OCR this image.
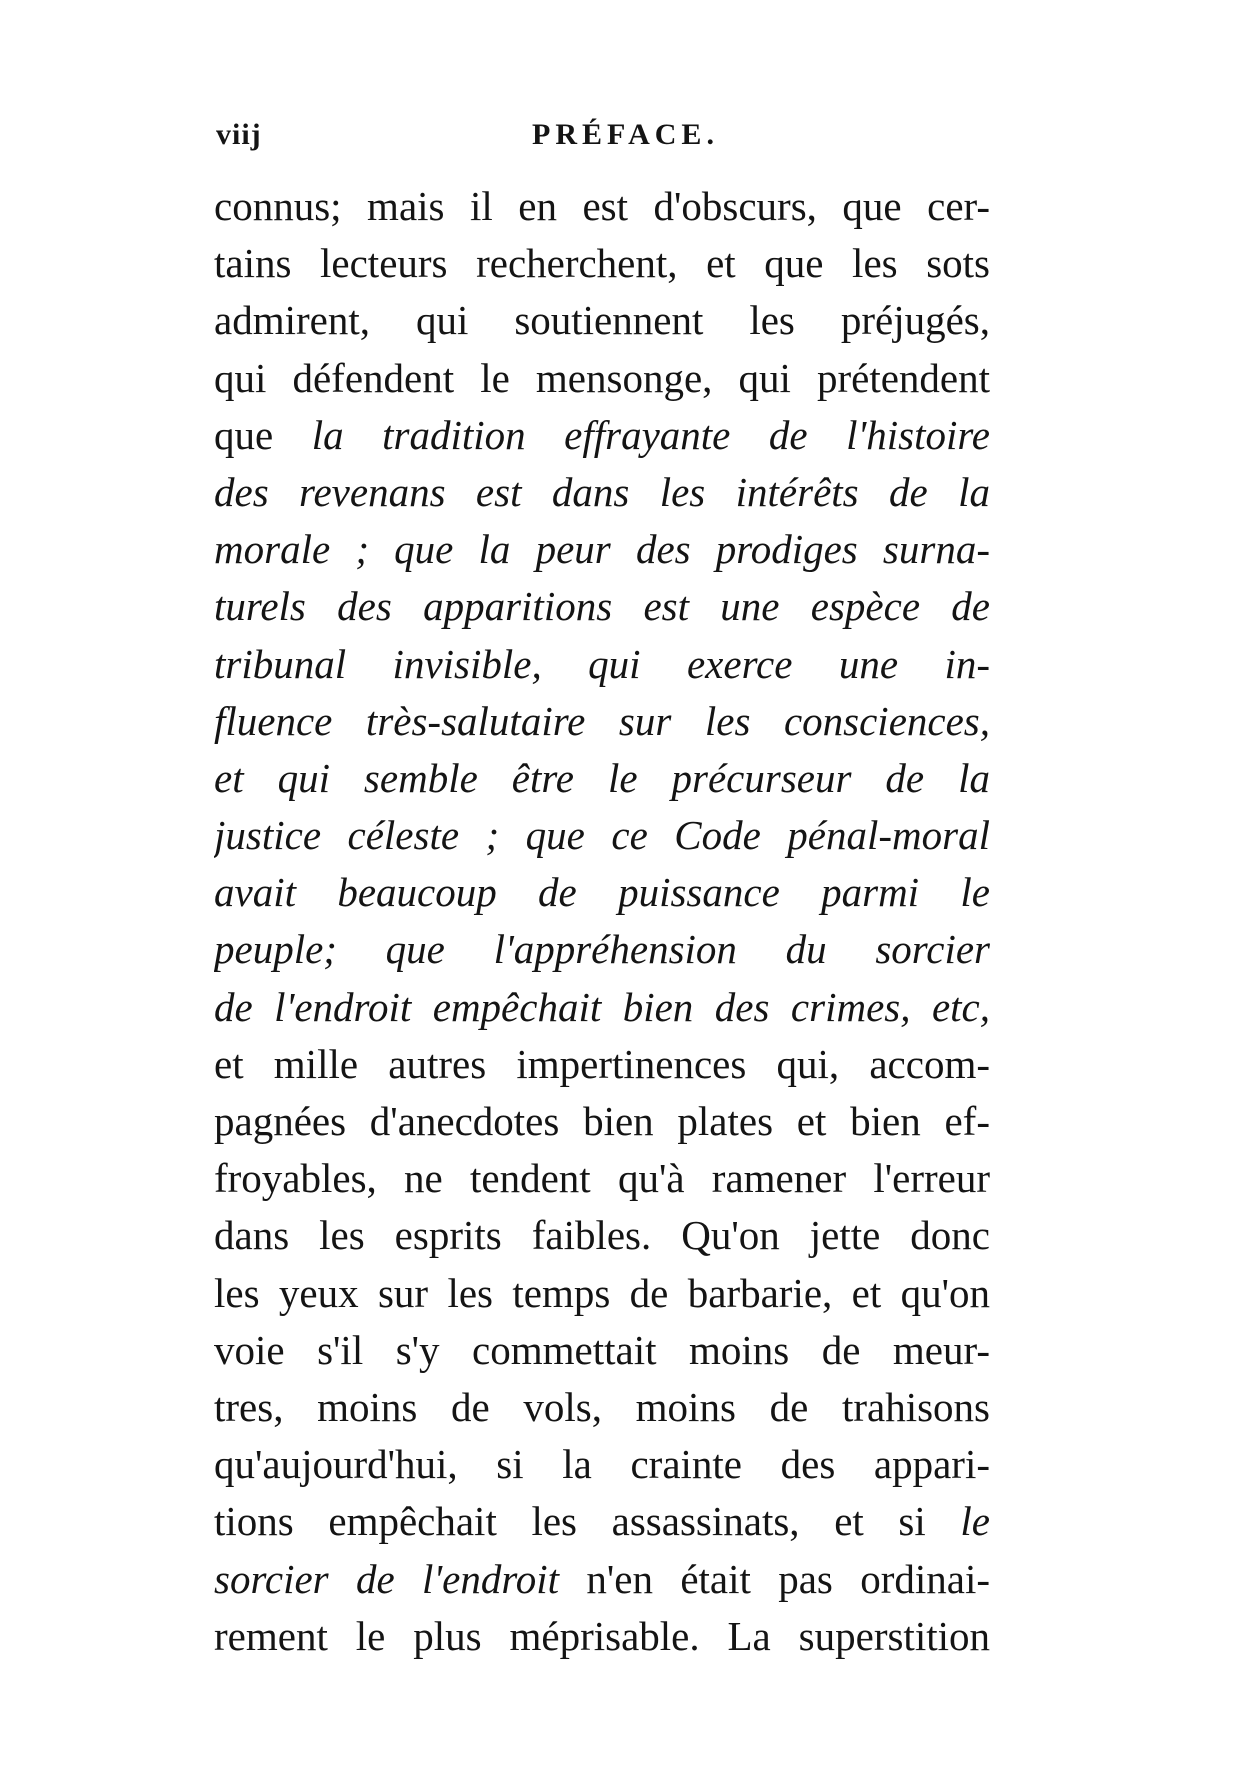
viij	PRÉFACE.
connus; mais il en est d'obscurs, que cer-
tains lecteurs recherchent, et que les sots
admirent, qui soutiennent les préjugés,
qui défendent le mensonge, qui prétendent
que la tradition effrayante de l'histoire
des revenans est dans les intérêts de la
morale ; que la peur des prodiges surna-
turels des apparitions est une espèce de
tribunal invisible, qui exerce une in-
fluence très-salutaire sur les consciences,
et qui semble être le précurseur de la
justice céleste ; que ce Code pénal-moral
avait beaucoup de puissance parmi le
peuple; que l'appréhension du sorcier
de l'endroit empêchait bien des crimes, etc,
et mille autres impertinences qui, accom-
pagnées d'anecdotes bien plates et bien ef-
froyables, ne tendent qu'à ramener l'erreur
dans les esprits faibles. Qu'on jette donc
les yeux sur les temps de barbarie, et qu'on
voie s'il s'y commettait moins de meur-
tres, moins de vols, moins de trahisons
qu'aujourd'hui, si la crainte des appari-
tions empêchait les assassinats, et si le
sorcier de l'endroit n'en était pas ordinai-
rement le plus méprisable. La superstition
